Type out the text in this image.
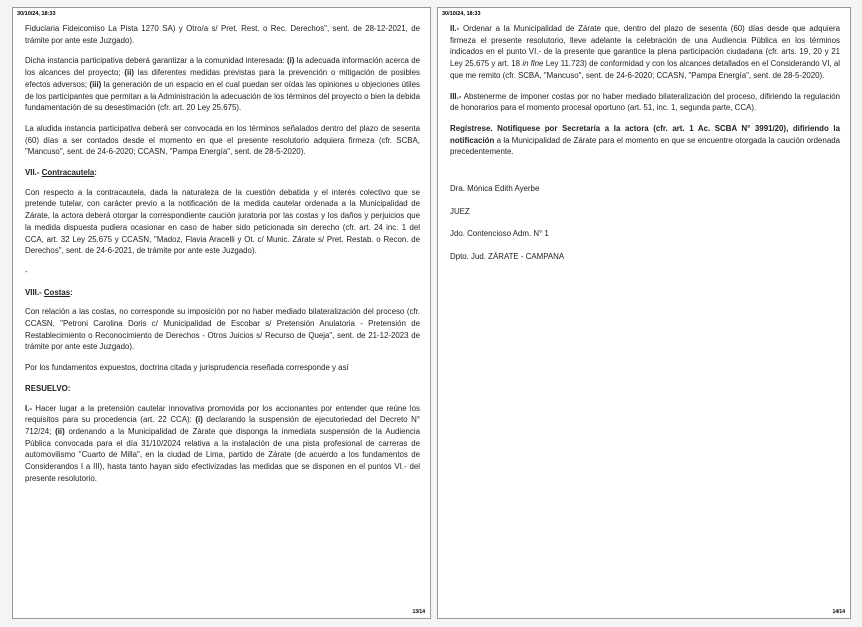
30/10/24, 18:33

Fiduciaria Fideicomiso La Pista 1270 SA) y Otro/a s/ Pret. Rest. o Rec. Derechos", sent. de 28-12-2021, de trámite por ante este Juzgado).

Dicha instancia participativa deberá garantizar a la comunidad interesada: (i) la adecuada información acerca de los alcances del proyecto; (ii) las diferentes medidas previstas para la prevención o mitigación de posibles efectos adversos; (iii) la generación de un espacio en el cual puedan ser oídas las opiniones u objeciones útiles de los participantes que permitan a la Administración la adecuación de los términos del proyecto o bien la debida fundamentación de su desestimación (cfr. art. 20 Ley 25.675).

La aludida instancia participativa deberá ser convocada en los términos señalados dentro del plazo de sesenta (60) días a ser contados desde el momento en que el presente resolutorio adquiera firmeza (cfr. SCBA, "Mancuso", sent. de 24-6-2020; CCASN, "Pampa Energía", sent. de 28-5-2020).

VII.- Contracautela:

Con respecto a la contracautela, dada la naturaleza de la cuestión debatida y el interés colectivo que se pretende tutelar, con carácter previo a la notificación de la medida cautelar ordenada a la Municipalidad de Zárate, la actora deberá otorgar la correspondiente caución juratoria por las costas y los daños y perjuicios que la medida dispuesta pudiera ocasionar en caso de haber sido peticionada sin derecho (cfr. art. 24 inc. 1 del CCA, art. 32 Ley 25.675 y CCASN, "Madoz, Flavia Aracelli y Ot. c/ Munic. Zárate s/ Pret. Restab. o Recon. de Derechos", sent. de 24-6-2021, de trámite por ante este Juzgado).

-

VIII.- Costas:

Con relación a las costas, no corresponde su imposición por no haber mediado bilateralización del proceso (cfr. CCASN, "Petroni Carolina Doris c/ Municipalidad de Escobar s/ Pretensión Anulatoria - Pretensión de Restablecimiento o Reconocimiento de Derechos - Otros Juicios s/ Recurso de Queja", sent. de 21-12-2023 de trámite por ante este Juzgado).

Por los fundamentos expuestos, doctrina citada y jurisprudencia reseñada corresponde y así

RESUELVO:

I.- Hacer lugar a la pretensión cautelar innovativa promovida por los accionantes por entender que reúne los requisitos para su procedencia (art. 22 CCA): (i) declarando la suspensión de ejecutoriedad del Decreto N° 712/24; (ii) ordenando a la Municipalidad de Zárate que disponga la inmediata suspensión de la Audiencia Pública convocada para el día 31/10/2024 relativa a la instalación de una pista profesional de carreras de automovilismo "Cuarto de Milla", en la ciudad de Lima, partido de Zárate (de acuerdo a los fundamentos de Considerandos I a III), hasta tanto hayan sido efectivizadas las medidas que se disponen en el puntos VI.- del presente resolutorio.

13/14
30/10/24, 18:33

II.- Ordenar a la Municipalidad de Zárate que, dentro del plazo de sesenta (60) días desde que adquiera firmeza el presente resolutorio, lleve adelante la celebración de una Audiencia Pública en los términos indicados en el punto VI.- de la presente que garantice la plena participación ciudadana (cfr. arts. 19, 20 y 21 Ley 25.675 y art. 18 in fine Ley 11.723) de conformidad y con los alcances detallados en el Considerando VI, al que me remito (cfr. SCBA, "Mancuso", sent. de 24-6-2020; CCASN, "Pampa Energía", sent. de 28-5-2020).

III.- Abstenerme de imponer costas por no haber mediado bilateralización del proceso, difiriendo la regulación de honorarios para el momento procesal oportuno (art. 51, inc. 1, segunda parte, CCA).

Regístrese. Notifíquese por Secretaría a la actora (cfr. art. 1 Ac. SCBA N° 3991/20), difiriendo la notificación a la Municipalidad de Zárate para el momento en que se encuentre otorgada la caución ordenada precedentemente.

Dra. Mónica Edith Ayerbe

JUEZ

Jdo. Contencioso Adm. N° 1

Dpto. Jud. ZÁRATE - CAMPANA

14/14
